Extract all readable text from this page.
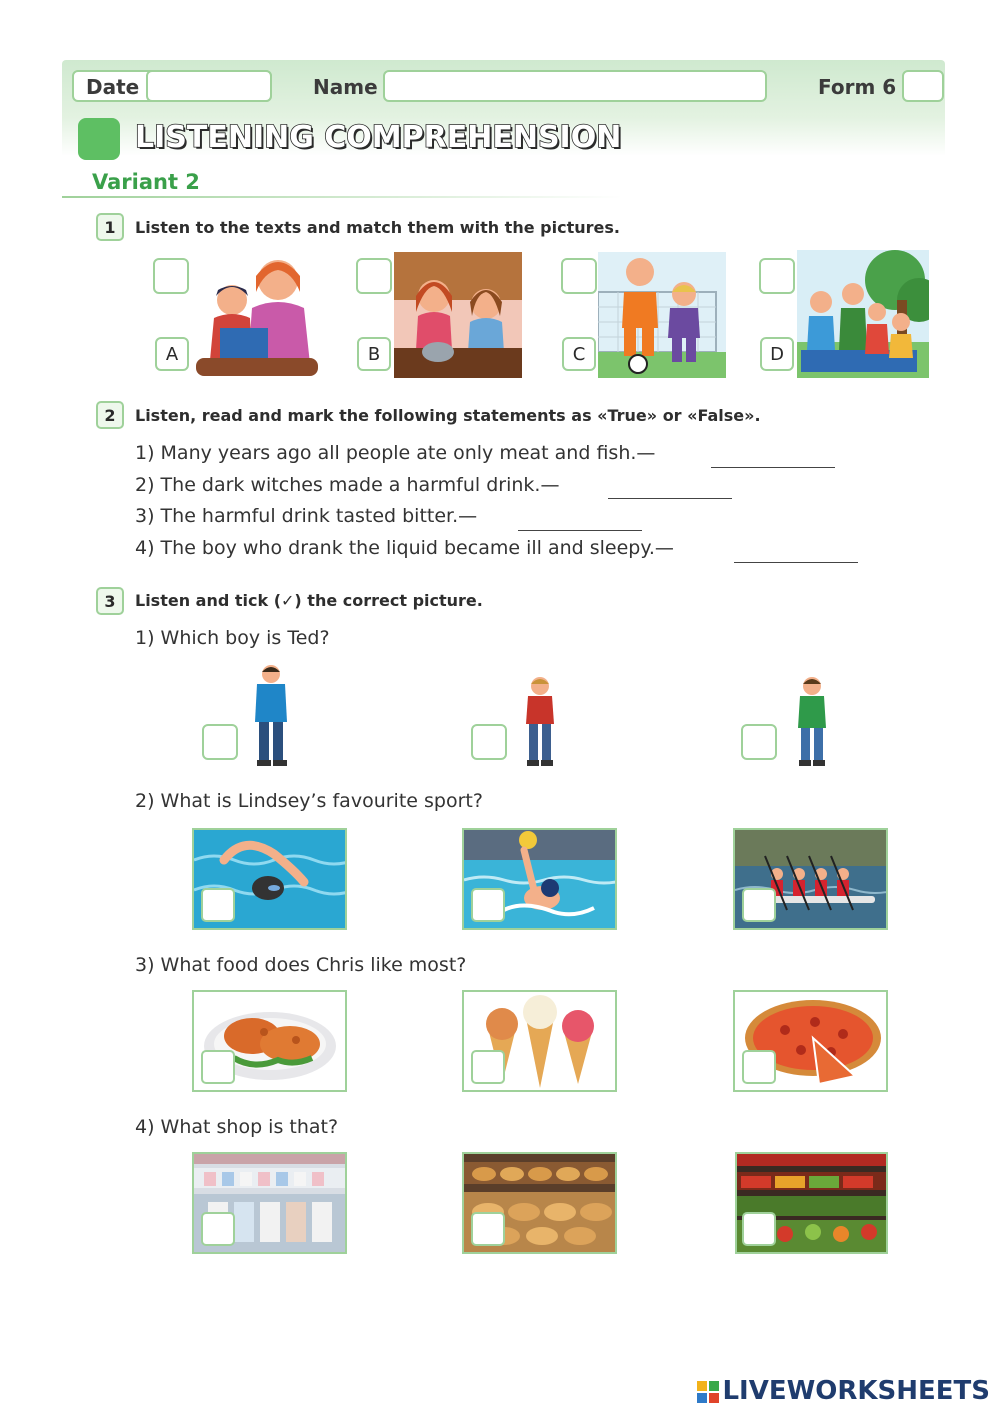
Date	Name	Form 6
LISTENING COMPREHENSION
Variant 2
1	Listen to the texts and match them with the pictures.
A	B	C	D
2	Listen, read and mark the following statements as «True» or «False».
1) Many years ago all people ate only meat and fish.—
2) The dark witches made a harmful drink.—
3) The harmful drink tasted bitter.—
4) The boy who drank the liquid became ill and sleepy.—
3	Listen and tick (✓) the correct picture.
1) Which boy is Ted?
2) What is Lindsey’s favourite sport?
3) What food does Chris like most?
4) What shop is that?
LIVEWORKSHEETS
